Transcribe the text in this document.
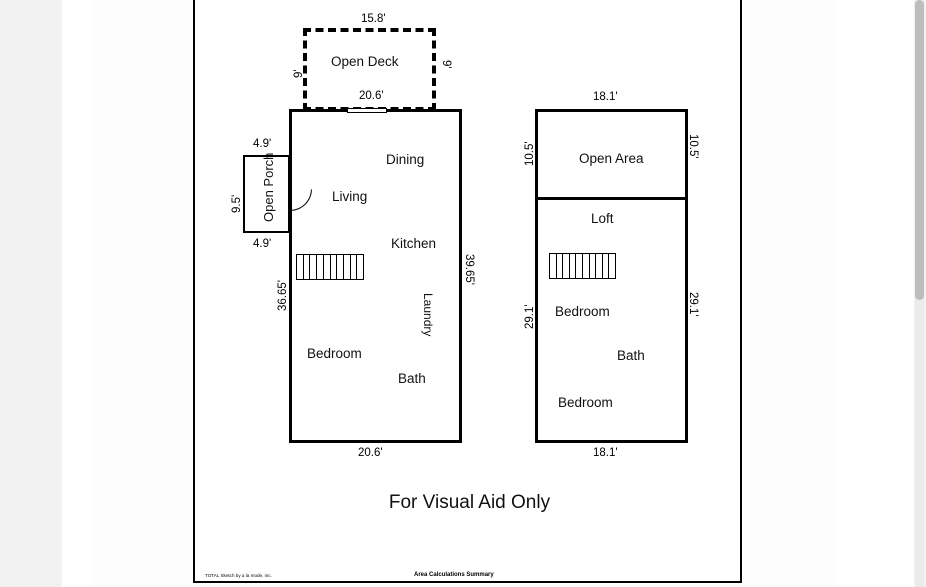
Open Deck
15.8'
20.6'
9'
9'
Open Porch
4.9'
4.9'
9.5'	Living
Dining
Kitchen
Laundry
Bedroom
Bath
36.65'
39.65'
20.6'
Open Area
Loft
Bedroom
Bath
Bedroom
18.1'
18.1'
10.5'	10.5'
29.1'
29.1'
For Visual Aid Only
TOTAL Sketch by a la mode, inc.	Area Calculations Summary
